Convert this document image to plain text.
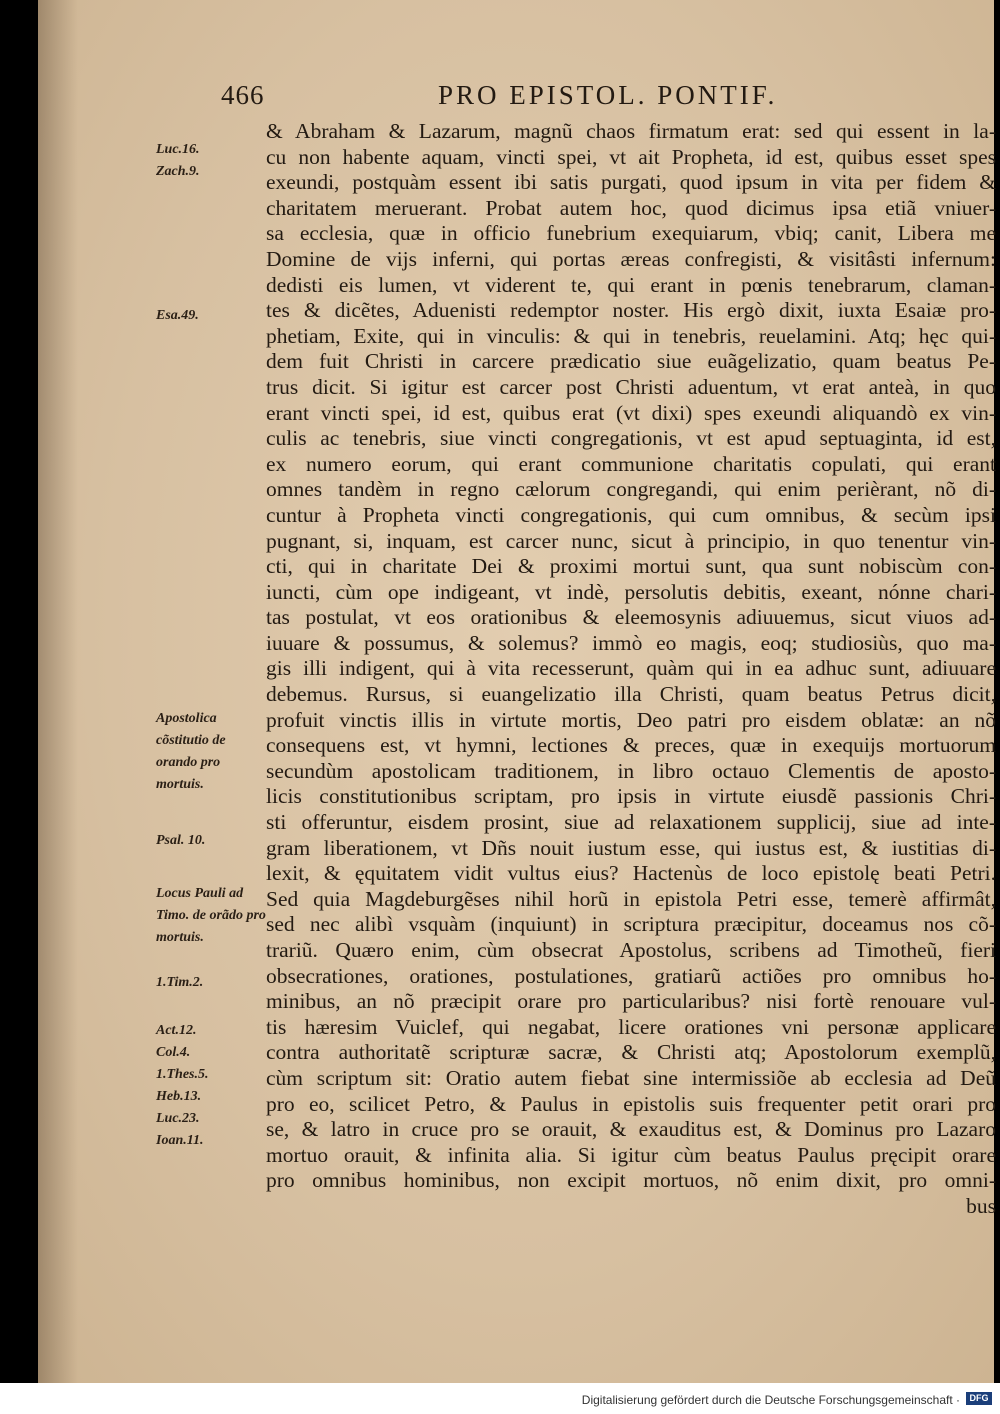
466	PRO EPISTOL. PONTIF.
Luc.16.
Zach.9.
Esa.49.
Apostolica cõstitutio de orando pro mortuis.
Psal. 10.
Locus Pauli ad Timo. de orãdo pro mortuis.
1.Tim.2.
Act.12.
Col.4.
1.Thes.5.
Heb.13.
Luc.23.
Ioan.11.
& Abraham & Lazarum, magnũ chaos firmatum erat: sed qui essent in la-
cu non habente aquam, vincti spei, vt ait Propheta, id est, quibus esset spes
exeundi, postquàm essent ibi satis purgati, quod ipsum in vita per fidem &
charitatem meruerant. Probat autem hoc, quod dicimus ipsa etiã vniuer-
sa ecclesia, quæ in officio funebrium exequiarum, vbiq; canit, Libera me
Domine de vijs inferni, qui portas æreas confregisti, & visitâsti infernum:
dedisti eis lumen, vt viderent te, qui erant in pœnis tenebrarum, claman-
tes & dicẽtes, Aduenisti redemptor noster. His ergò dixit, iuxta Esaiæ pro-
phetiam, Exite, qui in vinculis: & qui in tenebris, reuelamini. Atq; hęc qui-
dem fuit Christi in carcere prædicatio siue euãgelizatio, quam beatus Pe-
trus dicit. Si igitur est carcer post Christi aduentum, vt erat anteà, in quo
erant vincti spei, id est, quibus erat (vt dixi) spes exeundi aliquandò ex vin-
culis ac tenebris, siue vincti congregationis, vt est apud septuaginta, id est,
ex numero eorum, qui erant communione charitatis copulati, qui erant
omnes tandèm in regno cælorum congregandi, qui enim perièrant, nõ di-
cuntur à Propheta vincti congregationis, qui cum omnibus, & secùm ipsi
pugnant, si, inquam, est carcer nunc, sicut à principio, in quo tenentur vin-
cti, qui in charitate Dei & proximi mortui sunt, qua sunt nobiscùm con-
iuncti, cùm ope indigeant, vt indè, persolutis debitis, exeant, nónne chari-
tas postulat, vt eos orationibus & eleemosynis adiuuemus, sicut viuos ad-
iuuare & possumus, & solemus? immò eo magis, eoq; studiosiùs, quo ma-
gis illi indigent, qui à vita recesserunt, quàm qui in ea adhuc sunt, adiuuare
debemus. Rursus, si euangelizatio illa Christi, quam beatus Petrus dicit,
profuit vinctis illis in virtute mortis, Deo patri pro eisdem oblatæ: an nõ
consequens est, vt hymni, lectiones & preces, quæ in exequijs mortuorum
secundùm apostolicam traditionem, in libro octauo Clementis de aposto-
licis constitutionibus scriptam, pro ipsis in virtute eiusdẽ passionis Chri-
sti offeruntur, eisdem prosint, siue ad relaxationem supplicij, siue ad inte-
gram liberationem, vt Dñs nouit iustum esse, qui iustus est, & iustitias di-
lexit, & ęquitatem vidit vultus eius? Hactenùs de loco epistolę beati Petri.
Sed quia Magdeburgẽses nihil horũ in epistola Petri esse, temerè affirmât,
sed nec alibì vsquàm (inquiunt) in scriptura præcipitur, doceamus nos cõ-
trariũ. Quæro enim, cùm obsecrat Apostolus, scribens ad Timotheũ, fieri
obsecrationes, orationes, postulationes, gratiarũ actiões pro omnibus ho-
minibus, an nõ præcipit orare pro particularibus? nisi fortè renouare vul-
tis hæresim Vuiclef, qui negabat, licere orationes vni personæ applicare
contra authoritatẽ scripturæ sacræ, & Christi atq; Apostolorum exemplũ,
cùm scriptum sit: Oratio autem fiebat sine intermissiõe ab ecclesia ad Deũ
pro eo, scilicet Petro, & Paulus in epistolis suis frequenter petit orari pro
se, & latro in cruce pro se orauit, & exauditus est, & Dominus pro Lazaro
mortuo orauit, & infinita alia. Si igitur cùm beatus Paulus pręcipit orare
pro omnibus hominibus, non excipit mortuos, nõ enim dixit, pro omni-
bus
Digitalisierung gefördert durch die Deutsche Forschungsgemeinschaft ·	DFG
